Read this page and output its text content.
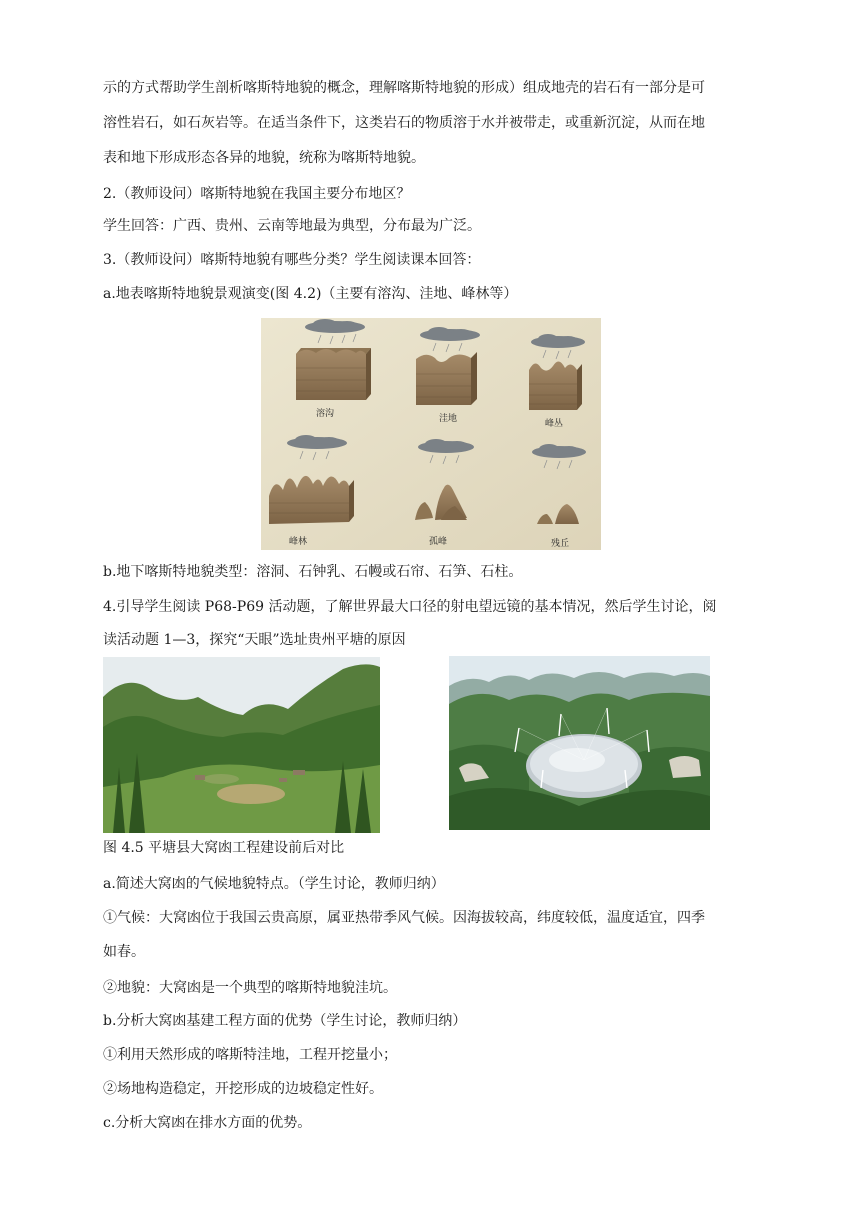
示的方式帮助学生剖析喀斯特地貌的概念，理解喀斯特地貌的形成）组成地壳的岩石有一部分是可
溶性岩石，如石灰岩等。在适当条件下，这类岩石的物质溶于水并被带走，或重新沉淀，从而在地
表和地下形成形态各异的地貌，统称为喀斯特地貌。
2.（教师设问）喀斯特地貌在我国主要分布地区？
学生回答：广西、贵州、云南等地最为典型，分布最为广泛。
3.（教师设问）喀斯特地貌有哪些分类？学生阅读课本回答：
a.地表喀斯特地貌景观演变(图 4.2)（主要有溶沟、洼地、峰林等）
溶沟	洼地	峰丛
峰林	孤峰	残丘
b.地下喀斯特地貌类型：溶洞、石钟乳、石幔或石帘、石笋、石柱。
4.引导学生阅读 P68-P69 活动题，了解世界最大口径的射电望远镜的基本情况，然后学生讨论，阅
读活动题 1—3，探究“天眼”选址贵州平塘的原因
图 4.5 平塘县大窝凼工程建设前后对比
a.简述大窝凼的气候地貌特点。（学生讨论，教师归纳）
①气候：大窝凼位于我国云贵高原，属亚热带季风气候。因海拔较高，纬度较低，温度适宜，四季
如春。
②地貌：大窝凼是一个典型的喀斯特地貌洼坑。
b.分析大窝凼基建工程方面的优势（学生讨论，教师归纳）
①利用天然形成的喀斯特洼地，工程开挖量小；
②场地构造稳定，开挖形成的边坡稳定性好。
c.分析大窝凼在排水方面的优势。
